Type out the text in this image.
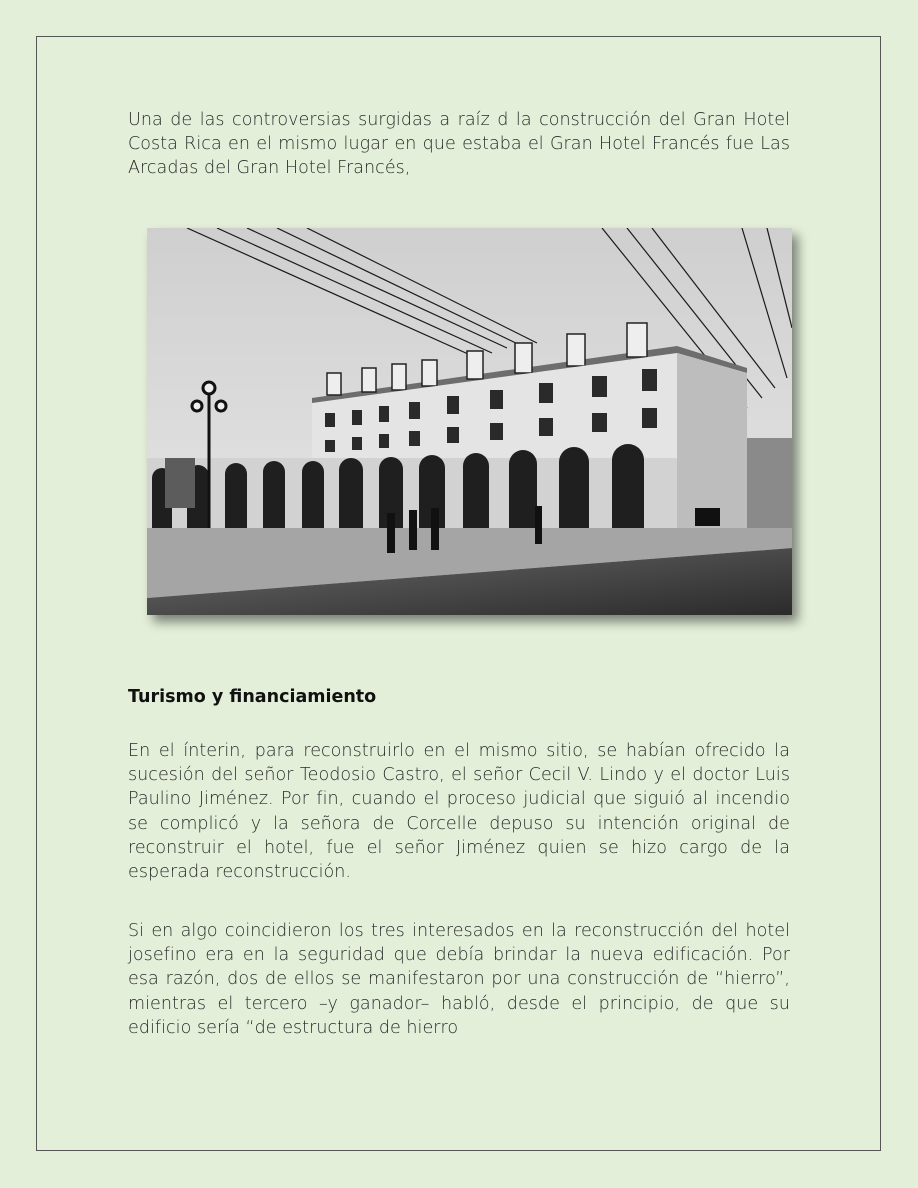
Una de las controversias surgidas a raíz d la construcción del Gran Hotel Costa Rica en el mismo lugar en que estaba el Gran Hotel Francés fue Las Arcadas del Gran Hotel Francés,

Turismo y financiamiento

En el ínterin, para reconstruirlo en el mismo sitio, se habían ofrecido la sucesión del señor Teodosio Castro, el señor Cecil V. Lindo y el doctor Luis Paulino Jiménez. Por fin, cuando el proceso judicial que siguió al incendio se complicó y la señora de Corcelle depuso su intención original de reconstruir el hotel, fue el señor Jiménez quien se hizo cargo de la esperada reconstrucción.

Si en algo coincidieron los tres interesados en la reconstrucción del hotel josefino era en la seguridad que debía brindar la nueva edificación. Por esa razón, dos de ellos se manifestaron por una construcción de “hierro”, mientras el tercero –y ganador– habló, desde el principio, de que su edificio sería “de estructura de hierro
